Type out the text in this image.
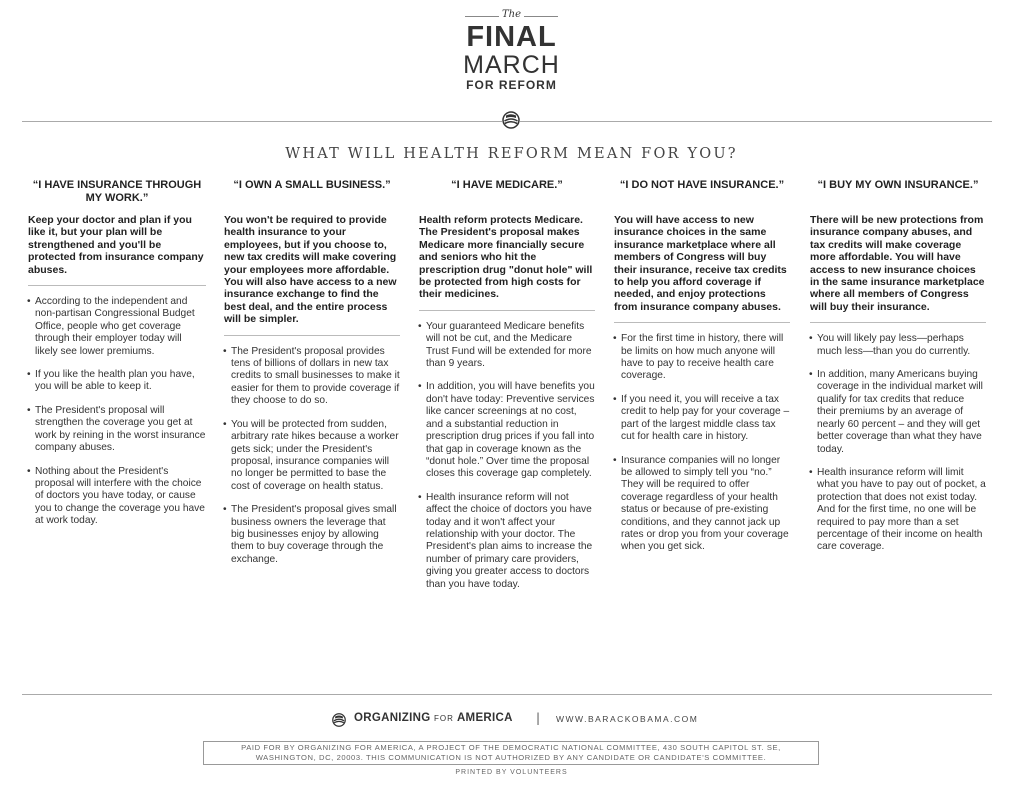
The
FINAL
MARCH
FOR REFORM
WHAT WILL HEALTH REFORM MEAN FOR YOU?
“I HAVE INSURANCE THROUGH MY WORK.”
Keep your doctor and plan if you like it, but your plan will be strengthened and you'll be protected from insurance company abuses.
• According to the independent and non-partisan Congressional Budget Office, people who get coverage through their employer today will likely see lower premiums.
• If you like the health plan you have, you will be able to keep it.
• The President's proposal will strengthen the coverage you get at work by reining in the worst insurance company abuses.
• Nothing about the President's proposal will interfere with the choice of doctors you have today, or cause you to change the coverage you have at work today.
“I OWN A SMALL BUSINESS.”
You won't be required to provide health insurance to your employees, but if you choose to, new tax credits will make covering your employees more affordable. You will also have access to a new insurance exchange to find the best deal, and the entire process will be simpler.
• The President's proposal provides tens of billions of dollars in new tax credits to small businesses to make it easier for them to provide coverage if they choose to do so.
• You will be protected from sudden, arbitrary rate hikes because a worker gets sick; under the President's proposal, insurance companies will no longer be permitted to base the cost of coverage on health status.
• The President's proposal gives small business owners the leverage that big businesses enjoy by allowing them to buy coverage through the exchange.
“I HAVE MEDICARE.”
Health reform protects Medicare. The President's proposal makes Medicare more financially secure and seniors who hit the prescription drug "donut hole" will be protected from high costs for their medicines.
• Your guaranteed Medicare benefits will not be cut, and the Medicare Trust Fund will be extended for more than 9 years.
• In addition, you will have benefits you don't have today: Preventive services like cancer screenings at no cost, and a substantial reduction in prescription drug prices if you fall into that gap in coverage known as the “donut hole.” Over time the proposal closes this coverage gap completely.
• Health insurance reform will not affect the choice of doctors you have today and it won't affect your relationship with your doctor. The President's plan aims to increase the number of primary care providers, giving you greater access to doctors than you have today.
“I DO NOT HAVE INSURANCE.”
You will have access to new insurance choices in the same insurance marketplace where all members of Congress will buy their insurance, receive tax credits to help you afford coverage if needed, and enjoy protections from insurance company abuses.
• For the first time in history, there will be limits on how much anyone will have to pay to receive health care coverage.
• If you need it, you will receive a tax credit to help pay for your coverage – part of the largest middle class tax cut for health care in history.
• Insurance companies will no longer be allowed to simply tell you “no.” They will be required to offer coverage regardless of your health status or because of pre-existing conditions, and they cannot jack up rates or drop you from your coverage when you get sick.
“I BUY MY OWN INSURANCE.”
There will be new protections from insurance company abuses, and tax credits will make coverage more affordable. You will have access to new insurance choices in the same insurance marketplace where all members of Congress will buy their insurance.
• You will likely pay less—perhaps much less—than you do currently.
• In addition, many Americans buying coverage in the individual market will qualify for tax credits that reduce their premiums by an average of nearly 60 percent – and they will get better coverage than what they have today.
• Health insurance reform will limit what you have to pay out of pocket, a protection that does not exist today. And for the first time, no one will be required to pay more than a set percentage of their income on health care coverage.
ORGANIZING FOR AMERICA | WWW.BARACKOBAMA.COM
PAID FOR BY ORGANIZING FOR AMERICA, A PROJECT OF THE DEMOCRATIC NATIONAL COMMITTEE, 430 SOUTH CAPITOL ST. SE,
WASHINGTON, DC, 20003. THIS COMMUNICATION IS NOT AUTHORIZED BY ANY CANDIDATE OR CANDIDATE'S COMMITTEE.
PRINTED BY VOLUNTEERS
